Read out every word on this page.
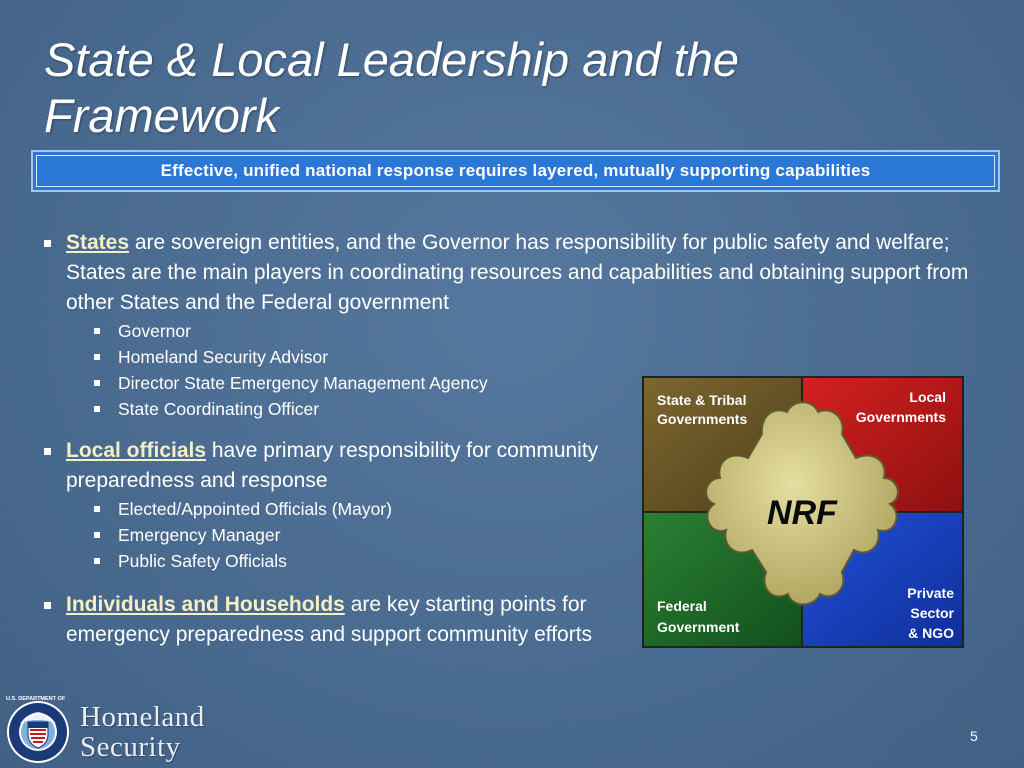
State & Local Leadership and the Framework
Effective, unified national response requires layered, mutually supporting capabilities
States are sovereign entities, and the Governor has responsibility for public safety and welfare; States are the main players in coordinating resources and capabilities and obtaining support from other States and the Federal government
Governor
Homeland Security Advisor
Director State Emergency Management Agency
State Coordinating Officer
Local officials have primary responsibility for community preparedness and response
Elected/Appointed Officials (Mayor)
Emergency Manager
Public Safety Officials
Individuals and Households are key starting points for emergency preparedness and support community efforts
NRF
State & Tribal
Governments
Local
Governments
Federal
Government
Private
Sector
& NGO
U.S. DEPARTMENT OF
Homeland
Security	5
